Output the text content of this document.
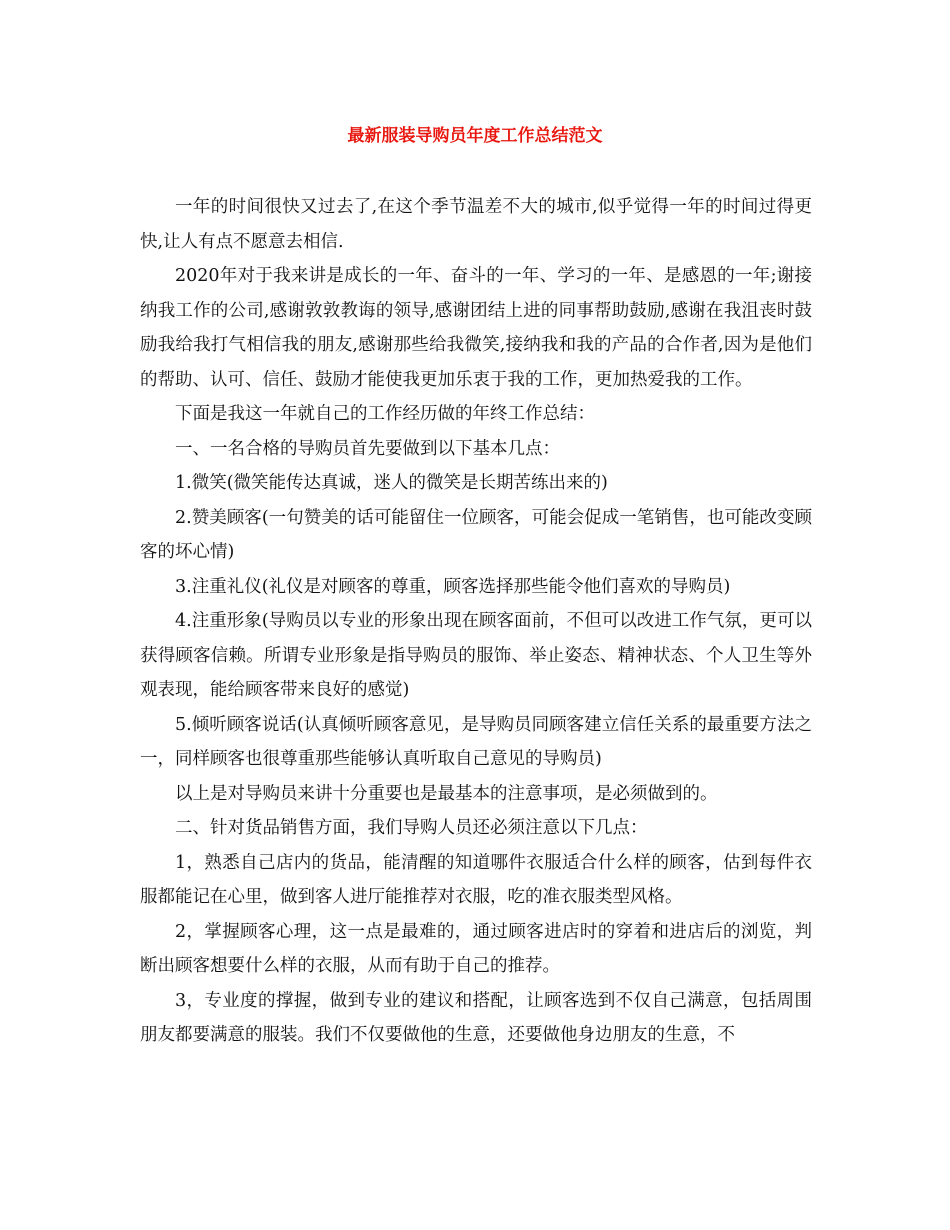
最新服装导购员年度工作总结范文

一年的时间很快又过去了,在这个季节温差不大的城市,似乎觉得一年的时间过得更快,让人有点不愿意去相信.

2020年对于我来讲是成长的一年、奋斗的一年、学习的一年、是感恩的一年;谢接纳我工作的公司,感谢敦敦教诲的领导,感谢团结上进的同事帮助鼓励,感谢在我沮丧时鼓励我给我打气相信我的朋友,感谢那些给我微笑,接纳我和我的产品的合作者,因为是他们的帮助、认可、信任、鼓励才能使我更加乐衷于我的工作，更加热爱我的工作。

下面是我这一年就自己的工作经历做的年终工作总结：

一、一名合格的导购员首先要做到以下基本几点：

1.微笑(微笑能传达真诚，迷人的微笑是长期苦练出来的)

2.赞美顾客(一句赞美的话可能留住一位顾客，可能会促成一笔销售，也可能改变顾客的坏心情)

3.注重礼仪(礼仪是对顾客的尊重，顾客选择那些能令他们喜欢的导购员)

4.注重形象(导购员以专业的形象出现在顾客面前，不但可以改进工作气氛，更可以获得顾客信赖。所谓专业形象是指导购员的服饰、举止姿态、精神状态、个人卫生等外观表现，能给顾客带来良好的感觉)

5.倾听顾客说话(认真倾听顾客意见，是导购员同顾客建立信任关系的最重要方法之一，同样顾客也很尊重那些能够认真听取自己意见的导购员)

以上是对导购员来讲十分重要也是最基本的注意事项，是必须做到的。

二、针对货品销售方面，我们导购人员还必须注意以下几点：

1，熟悉自己店内的货品，能清醒的知道哪件衣服适合什么样的顾客，估到每件衣服都能记在心里，做到客人进厅能推荐对衣服，吃的准衣服类型风格。

2，掌握顾客心理，这一点是最难的，通过顾客进店时的穿着和进店后的浏览，判断出顾客想要什么样的衣服，从而有助于自己的推荐。

3，专业度的撑握，做到专业的建议和搭配，让顾客选到不仅自己满意，包括周围朋友都要满意的服装。我们不仅要做他的生意，还要做他身边朋友的生意，不
